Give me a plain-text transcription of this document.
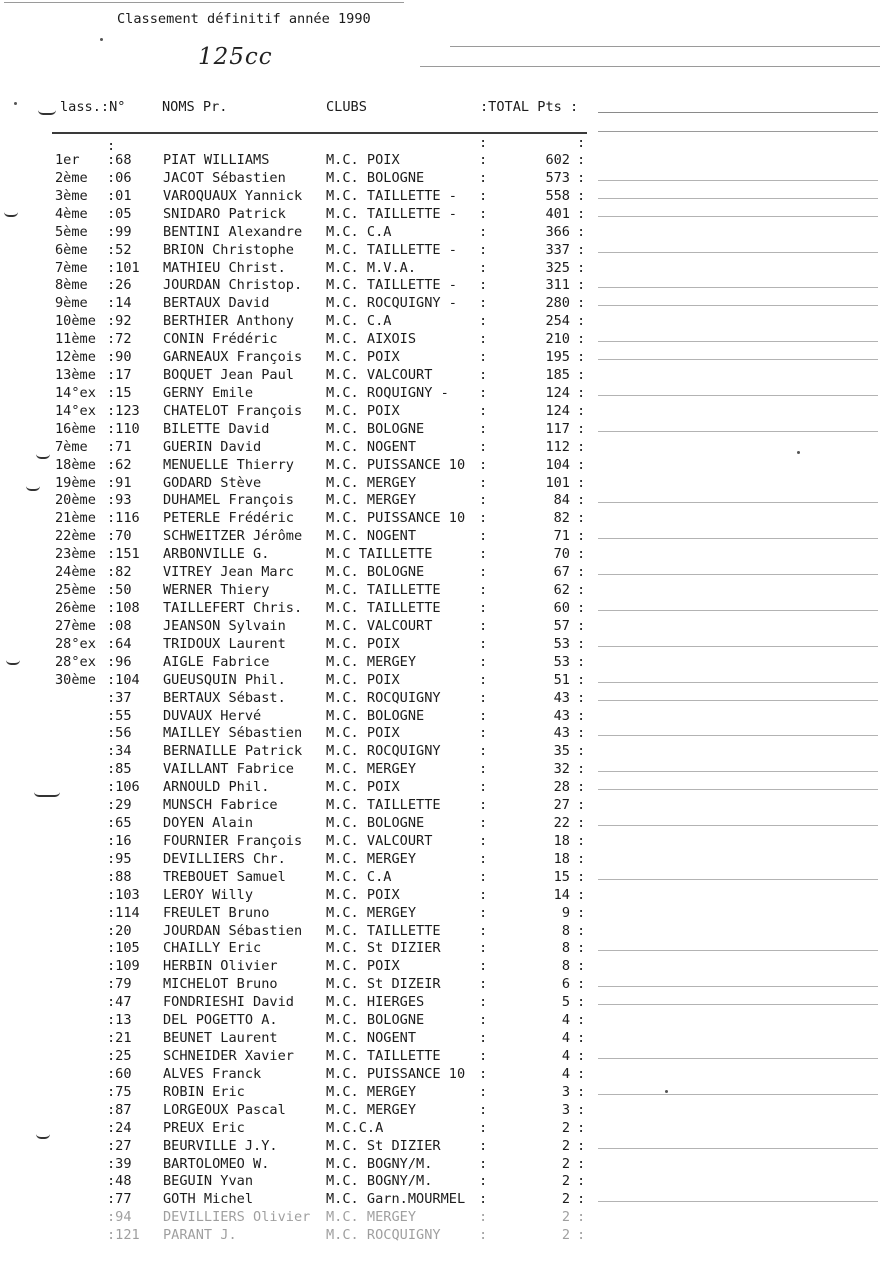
Classement définitif année 1990
125cc
lass.:N°	NOMS Pr.	CLUBS	:TOTAL Pts :
:	:	:
1er	:68	PIAT WILLIAMS	M.C. POIX	:	602 :
2ème	:06	JACOT Sébastien	M.C. BOLOGNE	:	573 :
3ème	:01	VAROQUAUX Yannick	M.C. TAILLETTE -	:	558 :
4ème	:05	SNIDARO Patrick	M.C. TAILLETTE -	:	401 :
5ème	:99	BENTINI Alexandre	M.C. C.A	:	366 :
6ème	:52	BRION Christophe	M.C. TAILLETTE -	:	337 :
7ème	:101	MATHIEU Christ.	M.C. M.V.A.	:	325 :
8ème	:26	JOURDAN Christop.	M.C. TAILLETTE -	:	311 :
9ème	:14	BERTAUX David	M.C. ROCQUIGNY -	:	280 :
10ème :92	BERTHIER Anthony	M.C. C.A	:	254 :
11ème :72	CONIN Frédéric	M.C. AIXOIS	:	210 :
12ème :90	GARNEAUX François	M.C. POIX	:	195 :
13ème :17	BOQUET Jean Paul	M.C. VALCOURT	:	185 :
14°ex :15	GERNY Emile	M.C. ROQUIGNY -	:	124 :
14°ex :123	CHATELOT François	M.C. POIX	:	124 :
16ème :110	BILETTE David	M.C. BOLOGNE	:	117 :
7ème	:71	GUERIN David	M.C. NOGENT	:	112 :
18ème :62	MENUELLE Thierry	M.C. PUISSANCE 10	:	104 :
19ème :91	GODARD Stève	M.C. MERGEY	:	101 :
20ème :93	DUHAMEL François	M.C. MERGEY	:	84 :
21ème :116	PETERLE Frédéric	M.C. PUISSANCE 10	:	82 :
22ème :70	SCHWEITZER Jérôme	M.C. NOGENT	:	71 :
23ème :151	ARBONVILLE G.	M.C TAILLETTE	:	70 :
24ème :82	VITREY Jean Marc	M.C. BOLOGNE	:	67 :
25ème :50	WERNER Thiery	M.C. TAILLETTE	:	62 :
26ème :108	TAILLEFERT Chris.	M.C. TAILLETTE	:	60 :
27ème :08	JEANSON Sylvain	M.C. VALCOURT	:	57 :
28°ex :64	TRIDOUX Laurent	M.C. POIX	:	53 :
28°ex :96	AIGLE Fabrice	M.C. MERGEY	:	53 :
30ème :104	GUEUSQUIN Phil.	M.C. POIX	:	51 :
:37	BERTAUX Sébast.	M.C. ROCQUIGNY	:	43 :
:55	DUVAUX Hervé	M.C. BOLOGNE	:	43 :
:56	MAILLEY Sébastien	M.C. POIX	:	43 :
:34	BERNAILLE Patrick	M.C. ROCQUIGNY	:	35 :
:85	VAILLANT Fabrice	M.C. MERGEY	:	32 :
:106	ARNOULD Phil.	M.C. POIX	:	28 :
:29	MUNSCH Fabrice	M.C. TAILLETTE	:	27 :
:65	DOYEN Alain	M.C. BOLOGNE	:	22 :
:16	FOURNIER François	M.C. VALCOURT	:	18 :
:95	DEVILLIERS Chr.	M.C. MERGEY	:	18 :
:88	TREBOUET Samuel	M.C. C.A	:	15 :
:103	LEROY Willy	M.C. POIX	:	14 :
:114	FREULET Bruno	M.C. MERGEY	:	9 :
:20	JOURDAN Sébastien	M.C. TAILLETTE	:	8 :
:105	CHAILLY Eric	M.C. St DIZIER	:	8 :
:109	HERBIN Olivier	M.C. POIX	:	8 :
:79	MICHELOT Bruno	M.C. St DIZEIR	:	6 :
:47	FONDRIESHI David	M.C. HIERGES	:	5 :
:13	DEL POGETTO A.	M.C. BOLOGNE	:	4 :
:21	BEUNET Laurent	M.C. NOGENT	:	4 :
:25	SCHNEIDER Xavier	M.C. TAILLETTE	:	4 :
:60	ALVES Franck	M.C. PUISSANCE 10	:	4 :
:75	ROBIN Eric	M.C. MERGEY	:	3 :
:87	LORGEOUX Pascal	M.C. MERGEY	:	3 :
:24	PREUX Eric	M.C.C.A	:	2 :
:27	BEURVILLE J.Y.	M.C. St DIZIER	:	2 :
:39	BARTOLOMEO W.	M.C. BOGNY/M.	:	2 :
:48	BEGUIN Yvan	M.C. BOGNY/M.	:	2 :
:77	GOTH Michel	M.C. Garn.MOURMEL	:	2 :
:94	DEVILLIERS Olivier	M.C. MERGEY	:	2 :
:121	PARANT J.	M.C. ROCQUIGNY	:	2 :
